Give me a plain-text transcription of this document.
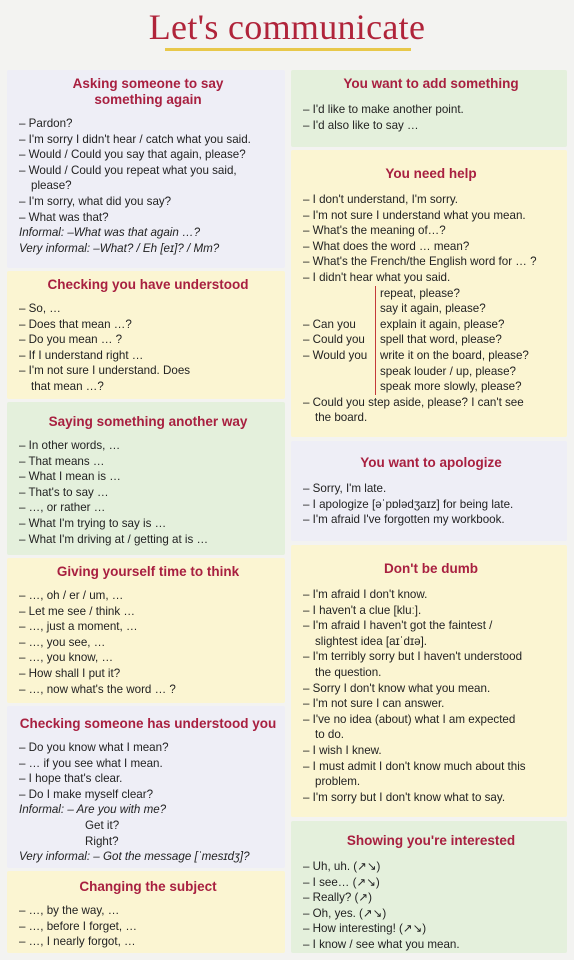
Let's communicate
Asking someone to say something again
– Pardon?
– I'm sorry I didn't hear / catch what you said.
– Would / Could you say that again, please?
– Would / Could you repeat what you said,
please?
– I'm sorry, what did you say?
– What was that?
Informal: –What was that again …?
Very informal: –What? / Eh [eɪ]? / Mm?
Checking you have understood
– So, …
– Does that mean …?
– Do you mean … ?
– If I understand right …
– I'm not sure I understand. Does
that mean …?
Saying something another way
– In other words, …
– That means …
– What I mean is …
– That's to say …
– …, or rather …
– What I'm trying to say is …
– What I'm driving at / getting at is …
Giving yourself time to think
– …, oh / er / um, …
– Let me see / think …
– …, just a moment, …
– …, you see, …
– …, you know, …
– How shall I put it?
– …, now what's the word … ?
Checking someone has understood you
– Do you know what I mean?
– … if you see what I mean.
– I hope that's clear.
– Do I make myself clear?
Informal: – Are you with me?
Get it?
Right?
Very informal: – Got the message [ˈmesɪdʒ]?
Changing the subject
– …, by the way, …
– …, before I forget, …
– …, I nearly forgot, …
You want to add something
– I'd like to make another point.
– I'd also like to say …
You need help
– I don't understand, I'm sorry.
– I'm not sure I understand what you mean.
– What's the meaning of…?
– What does the word … mean?
– What's the French/the English word for … ?
– I didn't hear what you said.
– Can you
– Could you
– Would you
repeat, please?
say it again, please?
explain it again, please?
spell that word, please?
write it on the board, please?
speak louder / up, please?
speak more slowly, please?
– Could you step aside, please? I can't see
the board.
You want to apologize
– Sorry, I'm late.
– I apologize [əˈpɒlədʒaɪz] for being late.
– I'm afraid I've forgotten my workbook.
Don't be dumb
– I'm afraid I don't know.
– I haven't a clue [kluː].
– I'm afraid I haven't got the faintest /
slightest idea [aɪˈdɪə].
– I'm terribly sorry but I haven't understood
the question.
– Sorry I don't know what you mean.
– I'm not sure I can answer.
– I've no idea (about) what I am expected
to do.
– I wish I knew.
– I must admit I don't know much about this
problem.
– I'm sorry but I don't know what to say.
Showing you're interested
– Uh, uh. (↗↘)
– I see… (↗↘)
– Really? (↗)
– Oh, yes. (↗↘)
– How interesting! (↗↘)
– I know / see what you mean.
